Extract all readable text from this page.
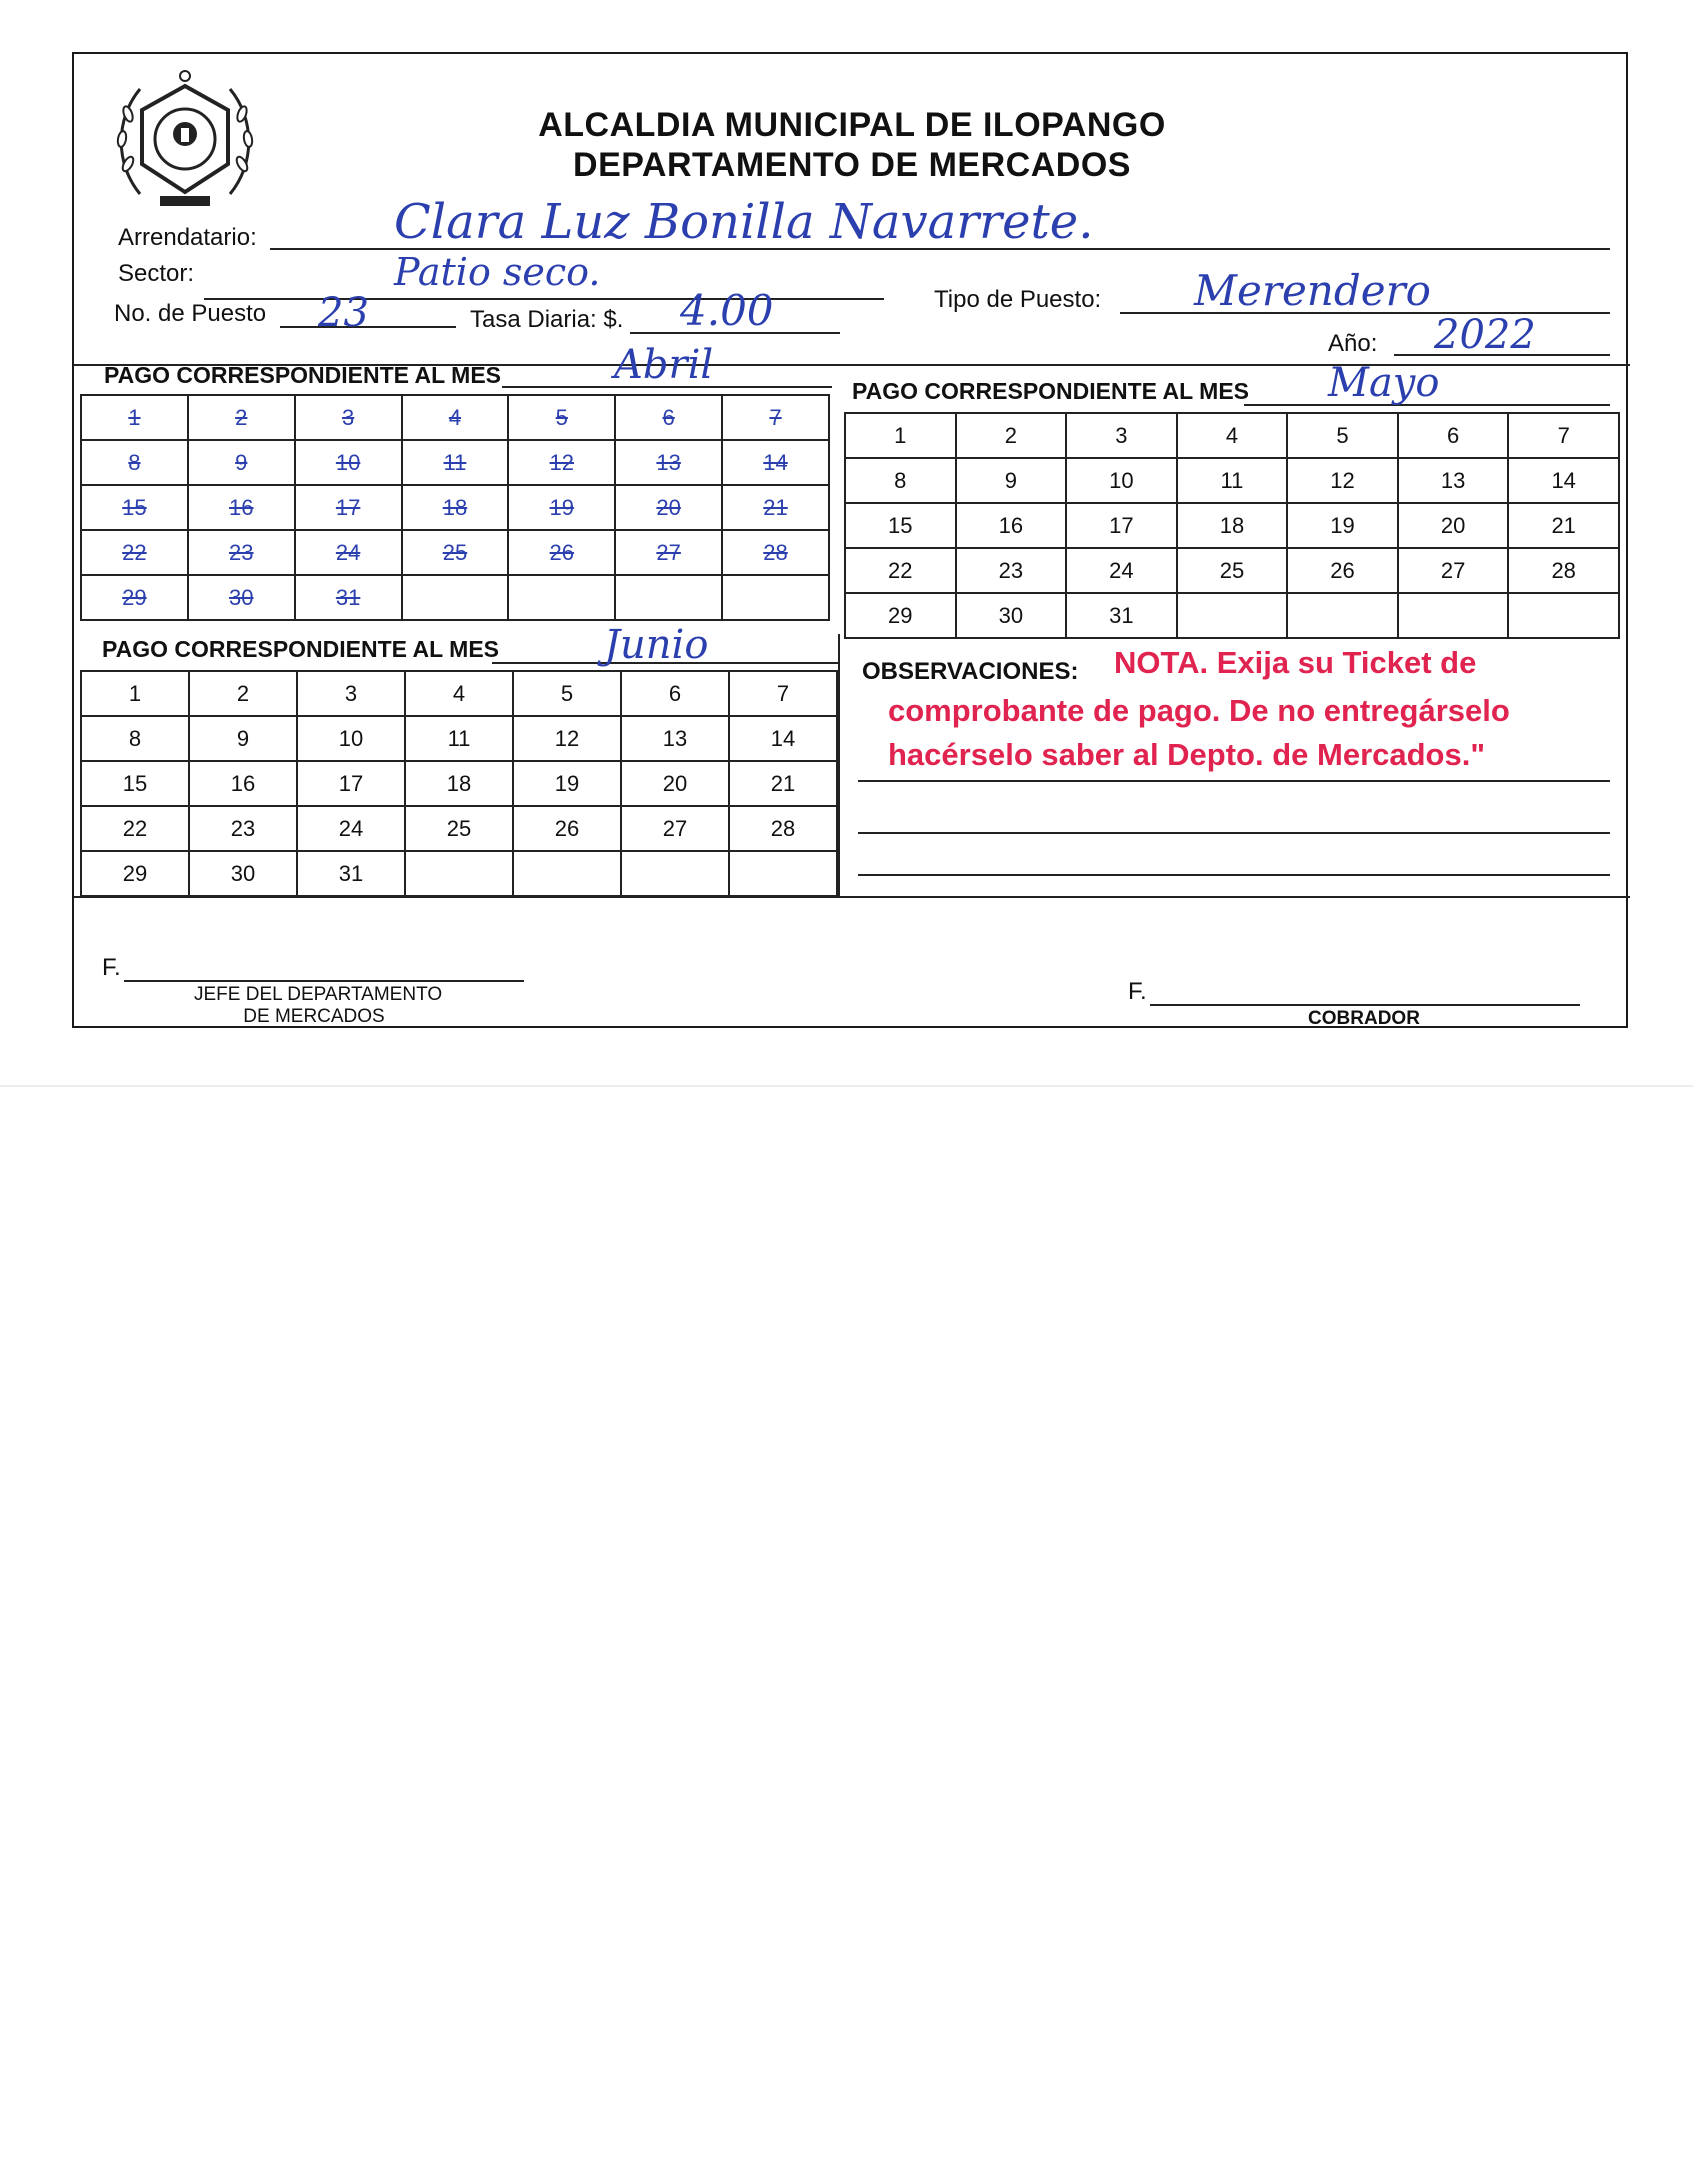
ALCALDIA MUNICIPAL DE ILOPANGO
DEPARTAMENTO DE MERCADOS
Arrendatario:	Clara Luz Bonilla Navarrete.
Sector:	Patio seco.
Tipo de Puesto: Merendero
No. de Puesto 23	Tasa Diaria: $. 4.00
Año: 2022
PAGO CORRESPONDIENTE AL MES	Abril
1	2	3	4	5	6	7
8	9	10	11	12	13	14
15	16	17	18	19	20	21
22	23	24	25	26	27	28
29	30	31				
PAGO CORRESPONDIENTE AL MES Mayo
1	2	3	4	5	6	7
8	9	10	11	12	13	14
15	16	17	18	19	20	21
22	23	24	25	26	27	28
29	30	31				
PAGO CORRESPONDIENTE AL MES	Junio
1	2	3	4	5	6	7
8	9	10	11	12	13	14
15	16	17	18	19	20	21
22	23	24	25	26	27	28
29	30	31				
OBSERVACIONES: NOTA. Exija su Ticket de
comprobante de pago. De no entregárselo
hacérselo saber al Depto. de Mercados."
F.
JEFE DEL DEPARTAMENTO
DE MERCADOS
F.
COBRADOR
